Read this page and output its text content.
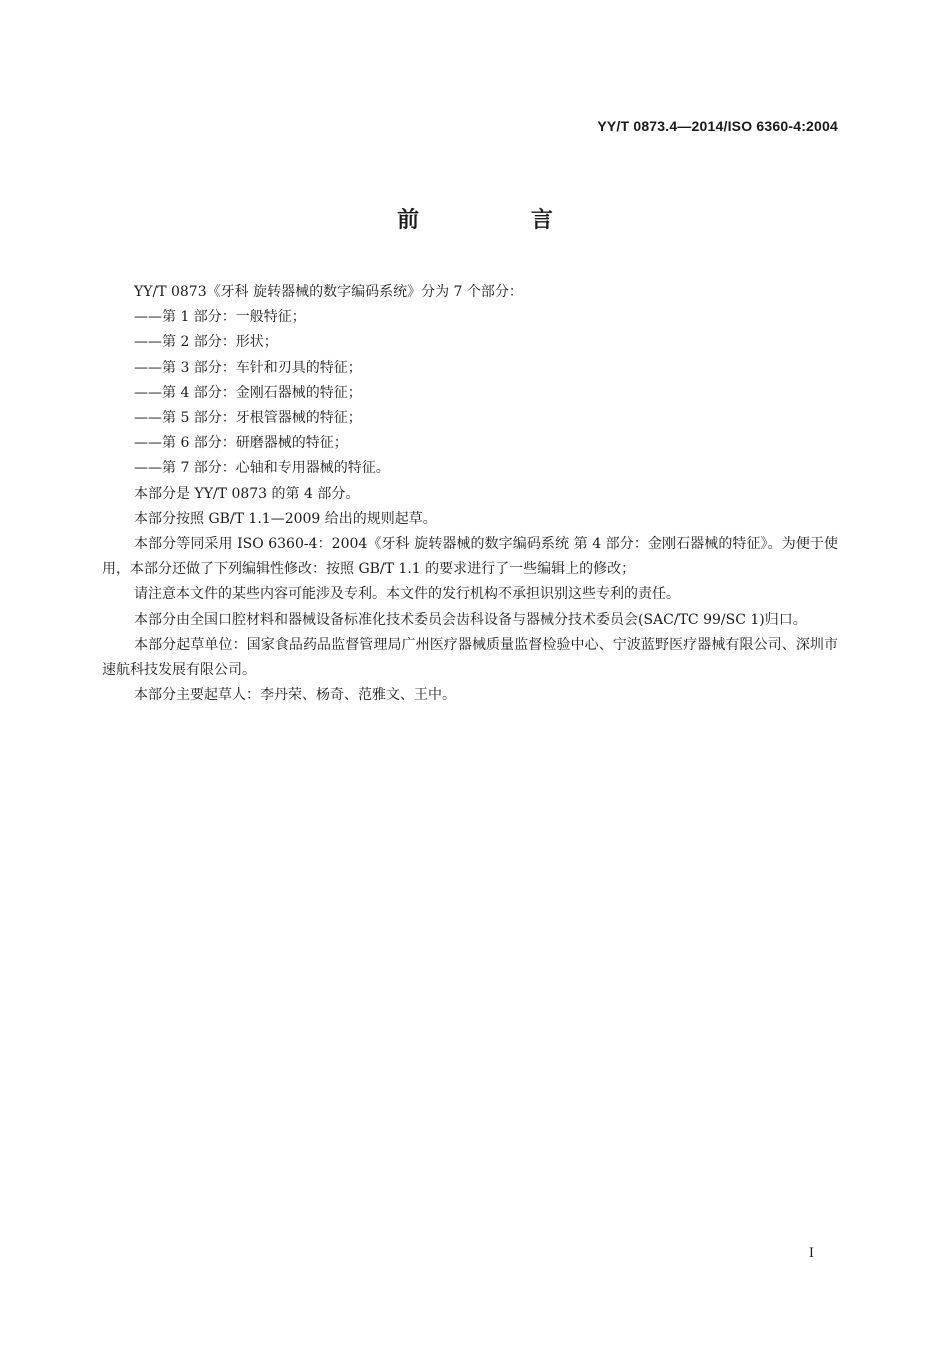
YY/T 0873.4—2014/ISO 6360-4:2004
前 言

YY/T 0873《牙科 旋转器械的数字编码系统》分为 7 个部分：

——第 1 部分：一般特征；

——第 2 部分：形状；

——第 3 部分：车针和刃具的特征；

——第 4 部分：金刚石器械的特征；

——第 5 部分：牙根管器械的特征；

——第 6 部分：研磨器械的特征；

——第 7 部分：心轴和专用器械的特征。

本部分是 YY/T 0873 的第 4 部分。

本部分按照 GB/T 1.1—2009 给出的规则起草。

本部分等同采用 ISO 6360-4：2004《牙科 旋转器械的数字编码系统 第 4 部分：金刚石器械的特征》。为便于使用，本部分还做了下列编辑性修改：按照 GB/T 1.1 的要求进行了一些编辑上的修改；

请注意本文件的某些内容可能涉及专利。本文件的发行机构不承担识别这些专利的责任。

本部分由全国口腔材料和器械设备标准化技术委员会齿科设备与器械分技术委员会(SAC/TC 99/SC 1)归口。

本部分起草单位：国家食品药品监督管理局广州医疗器械质量监督检验中心、宁波蓝野医疗器械有限公司、深圳市速航科技发展有限公司。

本部分主要起草人：李丹荣、杨奇、范雅文、王中。

I
